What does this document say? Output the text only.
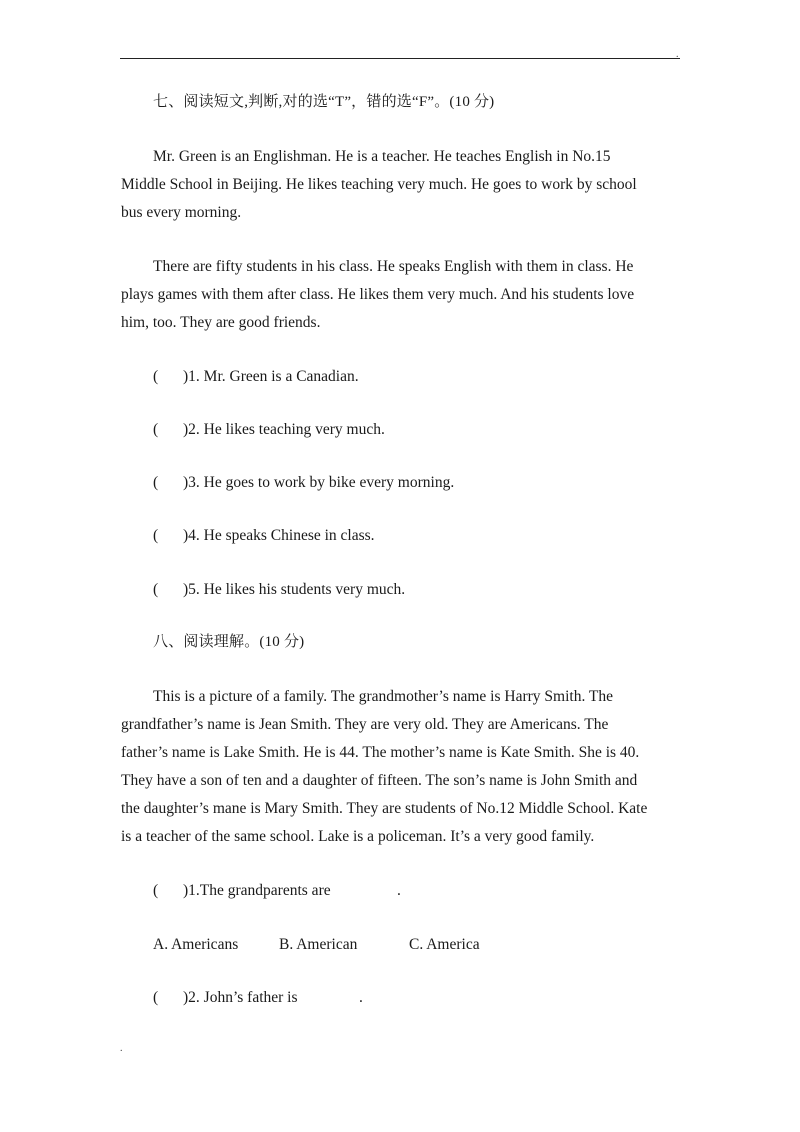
.
七、阅读短文,判断,对的选“T”，错的选“F”。(10 分)
Mr. Green is an Englishman. He is a teacher. He teaches English in No.15
Middle School in Beijing. He likes teaching very much. He goes to work by school
bus every morning.
There are fifty students in his class. He speaks English with them in class. He
plays games with them after class. He likes them very much. And his students love
him, too. They are good friends.
( )1. Mr. Green is a Canadian.
( )2. He likes teaching very much.
( )3. He goes to work by bike every morning.
( )4. He speaks Chinese in class.
( )5. He likes his students very much.
八、阅读理解。(10 分)
This is a picture of a family. The grandmother’s name is Harry Smith. The
grandfather’s name is Jean Smith. They are very old. They are Americans. The
father’s name is Lake Smith. He is 44. The mother’s name is Kate Smith. She is 40.
They have a son of ten and a daughter of fifteen. The son’s name is John Smith and
the daughter’s mane is Mary Smith. They are students of No.12 Middle School. Kate
is a teacher of the same school. Lake is a policeman. It’s a very good family.
( )1.The grandparents are	.
A. Americans	B. American	C. America
( )2. John’s father is	.
.
